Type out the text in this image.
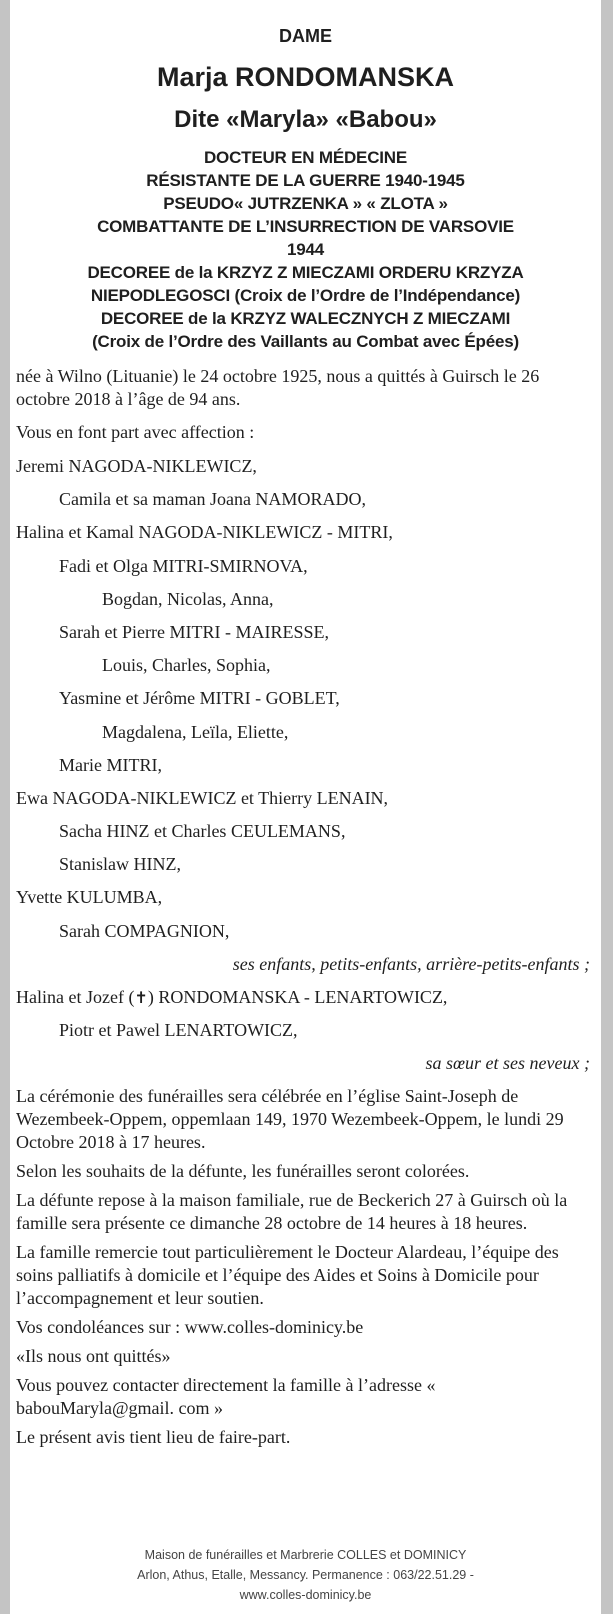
DAME
Marja RONDOMANSKA
Dite «Maryla» «Babou»
DOCTEUR EN MÉDECINE
RÉSISTANTE DE LA GUERRE 1940-1945
PSEUDO« JUTRZENKA » « ZLOTA »
COMBATTANTE DE L’INSURRECTION DE VARSOVIE
1944
DECOREE de la KRZYZ Z MIECZAMI ORDERU KRZYZA
NIEPODLEGOSCI (Croix de l’Ordre de l’Indépendance)
DECOREE de la KRZYZ WALECZNYCH Z MIECZAMI
(Croix de l’Ordre des Vaillants au Combat avec Épées)
née à Wilno (Lituanie) le 24 octobre 1925, nous a quittés à Guirsch le 26 octobre 2018 à l’âge de 94 ans.
Vous en font part avec affection :
Jeremi NAGODA-NIKLEWICZ,
Camila et sa maman Joana NAMORADO,
Halina et Kamal NAGODA-NIKLEWICZ - MITRI,
Fadi et Olga MITRI-SMIRNOVA,
Bogdan, Nicolas, Anna,
Sarah et Pierre MITRI - MAIRESSE,
Louis, Charles, Sophia,
Yasmine et Jérôme MITRI - GOBLET,
Magdalena, Leïla, Eliette,
Marie MITRI,
Ewa NAGODA-NIKLEWICZ et Thierry LENAIN,
Sacha HINZ et Charles CEULEMANS,
Stanislaw HINZ,
Yvette KULUMBA,
Sarah COMPAGNION,
ses enfants, petits-enfants, arrière-petits-enfants ;
Halina et Jozef (✝) RONDOMANSKA - LENARTOWICZ,
Piotr et Pawel LENARTOWICZ,
sa sœur et ses neveux ;

La cérémonie des funérailles sera célébrée en l’église Saint-Joseph de Wezembeek-Oppem, oppemlaan 149, 1970 Wezembeek-Oppem, le lundi 29 Octobre 2018 à 17 heures.

Selon les souhaits de la défunte, les funérailles seront colorées.

La défunte repose à la maison familiale, rue de Beckerich 27 à Guirsch où la famille sera présente ce dimanche 28 octobre de 14 heures à 18 heures.

La famille remercie tout particulièrement le Docteur Alardeau, l’équipe des soins palliatifs à domicile et l’équipe des Aides et Soins à Domicile pour l’accompagnement et leur soutien.

Vos condoléances sur : www.colles-dominicy.be

«Ils nous ont quittés»

Vous pouvez contacter directement la famille à l’adresse « babouMaryla@gmail. com »

Le présent avis tient lieu de faire-part.

Maison de funérailles et Marbrerie COLLES et DOMINICY
Arlon, Athus, Etalle, Messancy. Permanence : 063/22.51.29 -
www.colles-dominicy.be
